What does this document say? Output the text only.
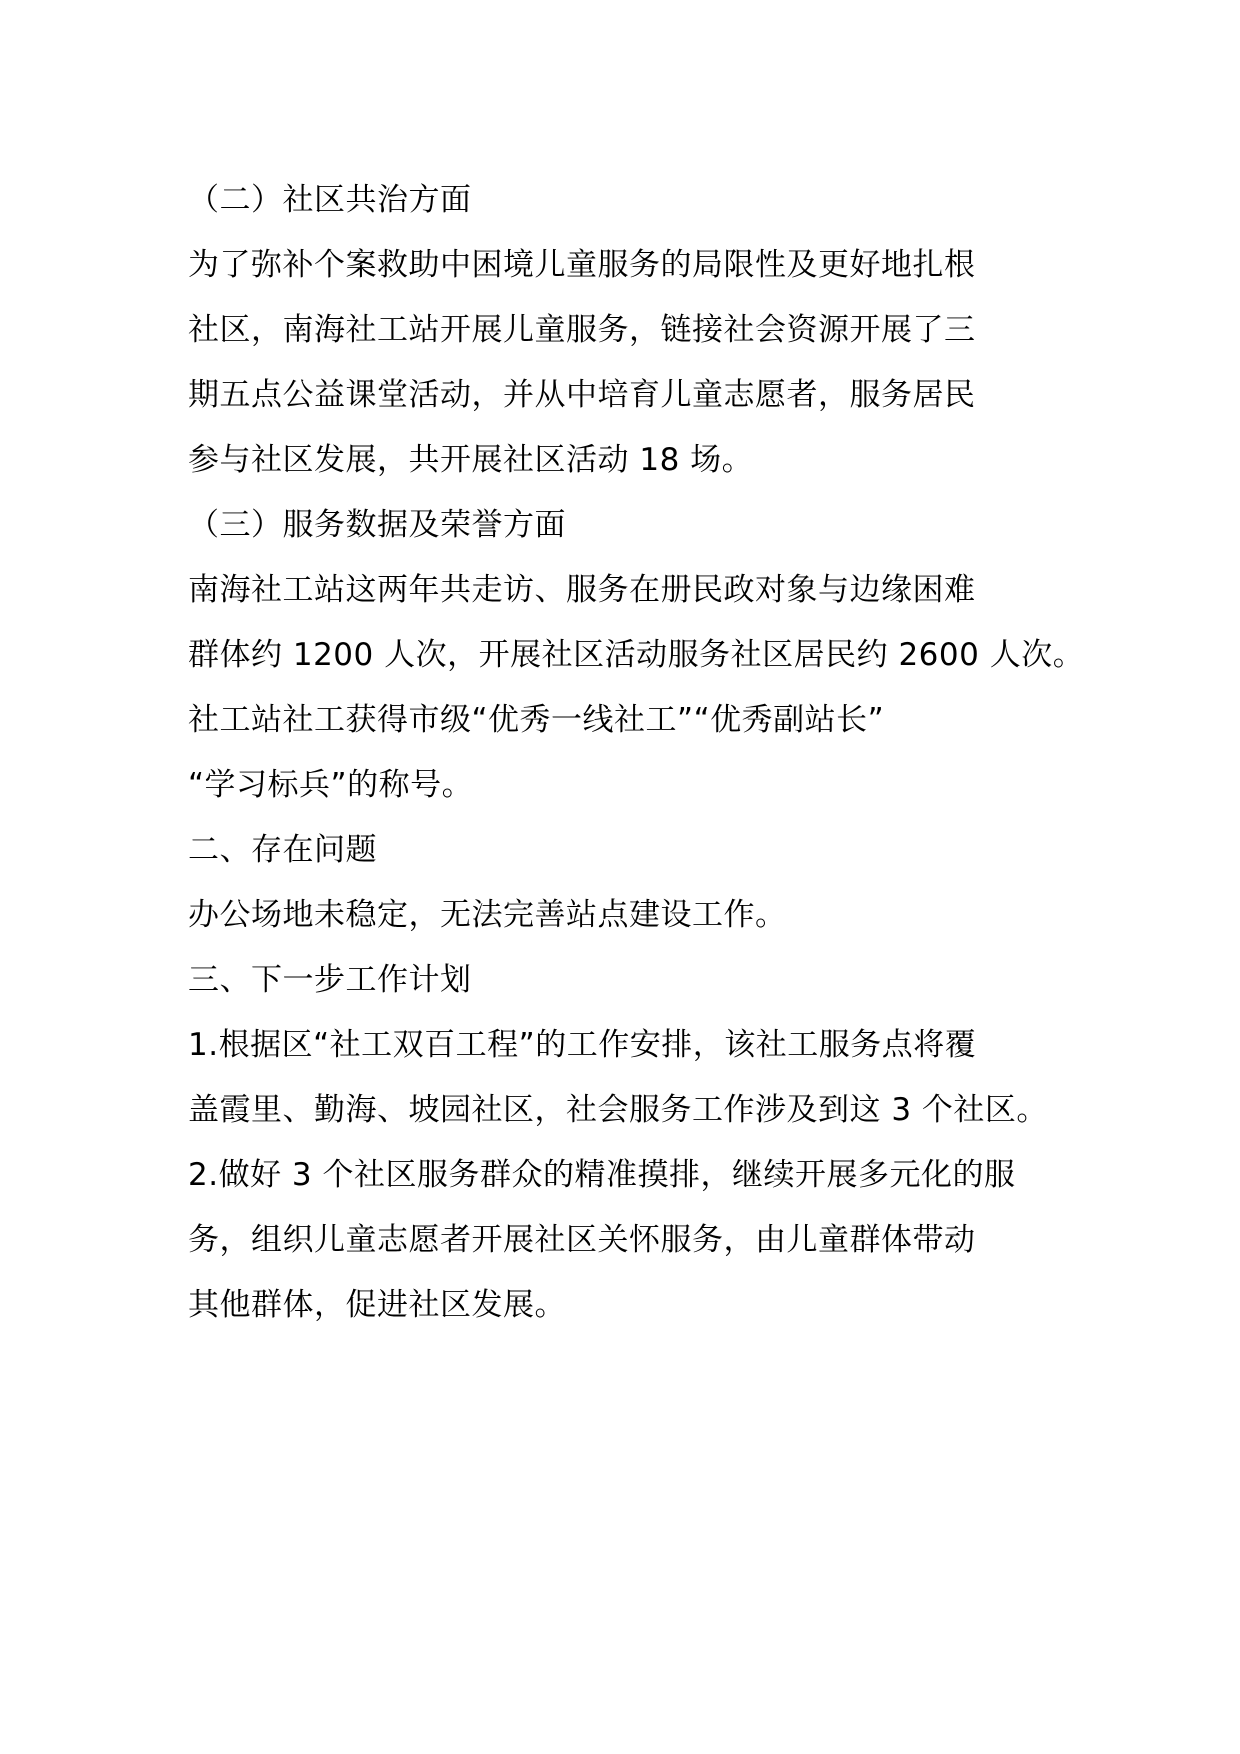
（二）社区共治方面
为了弥补个案救助中困境儿童服务的局限性及更好地扎根
社区，南海社工站开展儿童服务，链接社会资源开展了三
期五点公益课堂活动，并从中培育儿童志愿者，服务居民
参与社区发展，共开展社区活动 18 场。
（三）服务数据及荣誉方面
南海社工站这两年共走访、服务在册民政对象与边缘困难
群体约 1200 人次，开展社区活动服务社区居民约 2600 人次。
社工站社工获得市级“优秀一线社工”“优秀副站长”
“学习标兵”的称号。
二、存在问题
办公场地未稳定，无法完善站点建设工作。
三、下一步工作计划
1.根据区“社工双百工程”的工作安排，该社工服务点将覆
盖霞里、勤海、坡园社区，社会服务工作涉及到这 3 个社区。
2.做好 3 个社区服务群众的精准摸排，继续开展多元化的服
务，组织儿童志愿者开展社区关怀服务，由儿童群体带动
其他群体，促进社区发展。
